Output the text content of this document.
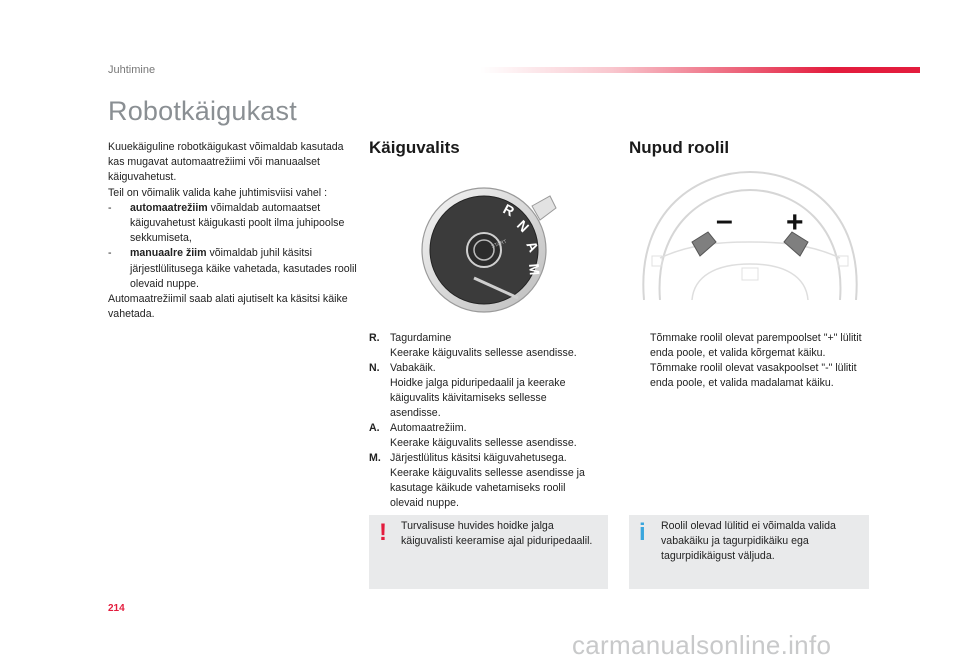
Juhtimine
Robotkäigukast

Kuuekäiguline robotkäigukast võimaldab kasutada kas mugavat automaatrežiimi või manuaalset käiguvahetust.

Teil on võimalik valida kahe juhtimisviisi vahel :

- automaatrežiim võimaldab automaatset käiguvahetust käigukasti poolt ilma juhipoolse sekkumiseta,
- manuaalre žiim võimaldab juhil käsitsi järjestlülitusega käike vahetada, kasutades roolil olevaid nuppe.

Automaatrežiimil saab alati ajutiselt ka käsitsi käike vahetada.

Käiguvalits
R
N
A
M
START
R. Tagurdamine
Keerake käiguvalits sellesse asendisse.
N. Vabakäik.
Hoidke jalga piduripedaalil ja keerake käiguvalits käivitamiseks sellesse asendisse.
A. Automaatrežiim.
Keerake käiguvalits sellesse asendisse.
M. Järjestlülitus käsitsi käiguvahetusega.
Keerake käiguvalits sellesse asendisse ja kasutage käikude vahetamiseks roolil olevaid nuppe.
! Turvalisuse huvides hoidke jalga käiguvalisti keeramise ajal piduripedaalil.
Nupud roolil
– +
Tõmmake roolil olevat parempoolset "+" lülitit enda poole, et valida kõrgemat käiku.
Tõmmake roolil olevat vasakpoolset "-" lülitit enda poole, et valida madalamat käiku.
i Roolil olevad lülitid ei võimalda valida vabakäiku ja tagurpidikäiku ega tagurpidikäigust väljuda.
214
carmanualsonline.info
